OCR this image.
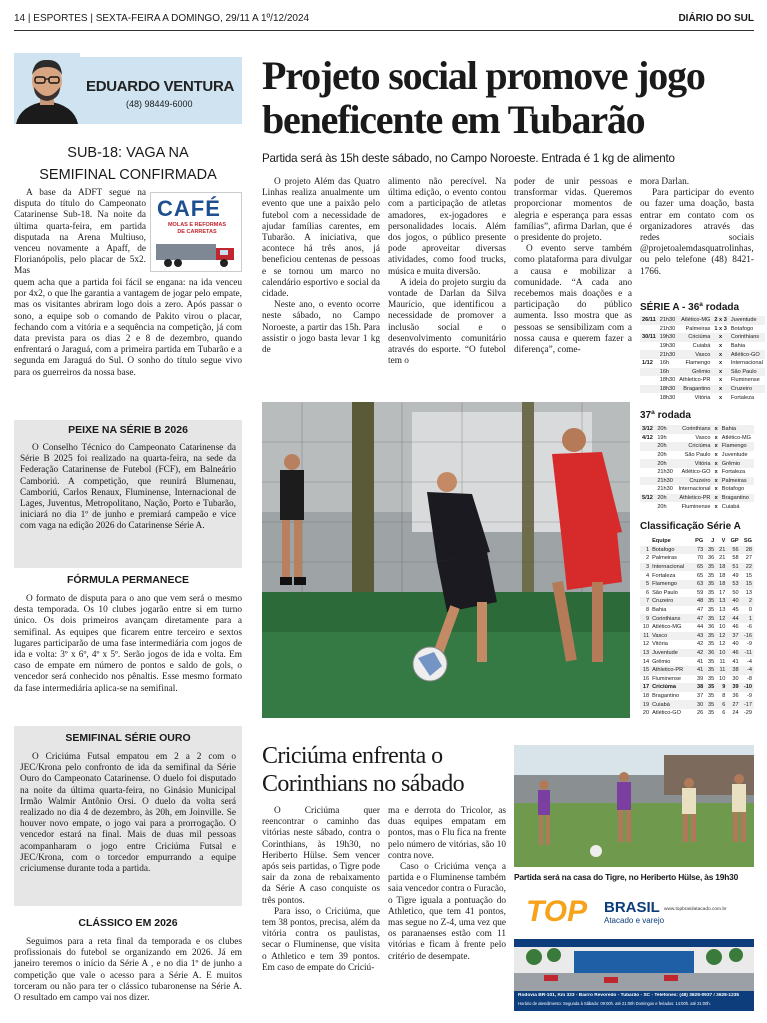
14 | ESPORTES | SEXTA-FEIRA A DOMINGO, 29/11 A 1º/12/2024	DIÁRIO DO SUL
EDUARDO VENTURA
(48) 98449-6000
SUB-18: VAGA NA
SEMIFINAL CONFIRMADA

A base da ADFT segue na disputa do título do Campeonato Catarinense Sub-18. Na noite da última quarta-feira, em partida disputada na Arena Multiuso, venceu novamente a Apaff, de Florianópolis, pelo placar de 5x2. Mas

CAFÉ
MOLAS E REFORMAS
DE CARRETAS

quem acha que a partida foi fácil se engana: na ida venceu por 4x2, o que lhe garantia a vantagem de jogar pelo empate, mas os visitantes abriram logo dois a zero. Após passar o sono, a equipe sob o comando de Pakito virou o placar, fechando com a vitória e a sequência na competição, já com data prevista para os dias 2 e 8 de dezembro, quando enfrentará o Jaraguá, com a primeira partida em Tubarão e a segunda em Jaraguá do Sul. O sonho do título segue vivo para os guerreiros da nossa base.

PEIXE NA SÉRIE B 2026

O Conselho Técnico do Campeonato Catarinense da Série B 2025 foi realizado na quarta-feira, na sede da Federação Catarinense de Futebol (FCF), em Balneário Camboriú. A competição, que reunirá Blumenau, Camboriú, Carlos Renaux, Fluminense, Internacional de Lages, Juventus, Metropolitano, Nação, Porto e Tubarão, iniciará no dia 1º de junho e premiará campeão e vice com vaga na edição 2026 do Catarinense Série A.

FÓRMULA PERMANECE

O formato de disputa para o ano que vem será o mesmo desta temporada. Os 10 clubes jogarão entre si em turno único. Os dois primeiros avançam diretamente para a semifinal. As equipes que ficarem entre terceiro e sextos lugares participarão de uma fase intermediária com jogos de ida e volta: 3º x 6º, 4º x 5º. Serão jogos de ida e volta. Em caso de empate em número de pontos e saldo de gols, o vencedor será conhecido nos pênaltis. Esse mesmo formato da fase intermediária aplica-se na semifinal.

SEMIFINAL SÉRIE OURO

O Criciúma Futsal empatou em 2 a 2 com o JEC/Krona pelo confronto de ida da semifinal da Série Ouro do Campeonato Catarinense. O duelo foi disputado na noite da última quarta-feira, no Ginásio Municipal Irmão Walmir Antônio Orsi. O duelo da volta será realizado no dia 4 de dezembro, às 20h, em Joinville. Se houver novo empate, o jogo vai para a prorrogação. O vencedor estará na final. Mais de duas mil pessoas acompanharam o jogo entre Criciúma Futsal e JEC/Krona, com o torcedor empurrando a equipe criciumense durante toda a partida.

CLÁSSICO EM 2026

Seguimos para a reta final da temporada e os clubes profissionais do futebol se organizando em 2026. Já em janeiro teremos o início da Série A , e no dia 1º de junho a competição que vale o acesso para a Série A. E muitos torceram ou não para ter o clássico tubaronense na Série A. O resultado em campo vai nos dizer.

Projeto social promove jogo
beneficente em Tubarão
Partida será às 15h deste sábado, no Campo Noroeste. Entrada é 1 kg de alimento

O projeto Além das Quatro Linhas realiza anualmente um evento que une a paixão pelo futebol com a necessidade de ajudar famílias carentes, em Tubarão. A iniciativa, que acontece há três anos, já beneficiou centenas de pessoas e se tornou um marco no calendário esportivo e social da cidade.

Neste ano, o evento ocorre neste sábado, no Campo Noroeste, a partir das 15h. Para assistir o jogo basta levar 1 kg de

alimento não perecível. Na última edição, o evento contou com a participação de atletas amadores, ex-jogadores e personalidades locais. Além dos jogos, o público presente pode aproveitar diversas atividades, como food trucks, música e muita diversão.

A ideia do projeto surgiu da vontade de Darlan da Silva Maurício, que identificou a necessidade de promover a inclusão social e o desenvolvimento comunitário através do esporte. “O futebol tem o

poder de unir pessoas e transformar vidas. Queremos proporcionar momentos de alegria e esperança para essas famílias”, afirma Darlan, que é o presidente do projeto.

O evento serve também como plataforma para divulgar a causa e mobilizar a comunidade. “A cada ano recebemos mais doações e a participação do público aumenta. Isso mostra que as pessoas se sensibilizam com a nossa causa e querem fazer a diferença”, come-

mora Darlan.

Para participar do evento ou fazer uma doação, basta entrar em contato com os organizadores através das redes sociais @projetoalemdasquatrolinhas, ou pelo telefone (48) 8421-1766.

SÉRIE A - 36ª rodada
26/11	21h30	Atlético-MG	2 x 3	Juventude
	21h30	Palmeiras	1 x 3	Botafogo
30/11	19h30	Criciúma	x	Corinthians
	19h30	Cuiabá	x	Bahia
	21h30	Vasco	x	Atlético-GO
1/12	16h	Flamengo	x	Internacional
	16h	Grêmio	x	São Paulo
	18h30	Athletico-PR	x	Fluminense
	18h30	Bragantino	x	Cruzeiro
	18h30	Vitória	x	Fortaleza
37ª rodada
3/12	20h	Corinthians	x	Bahia
4/12	19h	Vasco	x	Atlético-MG
	20h	Criciúma	x	Flamengo
	20h	São Paulo	x	Juventude
	20h	Vitória	x	Grêmio
	21h30	Atlético-GO	x	Fortaleza
	21h30	Cruzeiro	x	Palmeiras
	21h30	Internacional	x	Botafogo
5/12	20h	Athletico-PR	x	Bragantino
	20h	Fluminense	x	Cuiabá
Classificação Série A
	Equipe	PG	J	V	GP	SG
1	Botafogo	73	35	21	56	28
2	Palmeiras	70	36	21	58	27
3	Internacional	65	35	18	51	22
4	Fortaleza	65	35	18	49	15
5	Flamengo	63	35	18	53	15
6	São Paulo	59	35	17	50	13
7	Cruzeiro	48	35	13	40	2
8	Bahia	47	35	13	45	0
9	Corinthians	47	35	12	44	1
10	Atlético-MG	44	36	10	46	-6
11	Vasco	43	35	12	37	-16
12	Vitória	42	35	12	40	-9
13	Juventude	42	36	10	46	-11
14	Grêmio	41	35	11	41	-4
15	Athletico-PR	41	35	11	38	-4
16	Fluminense	39	35	10	30	-8
17	Criciúma	38	35	9	39	-10
18	Bragantino	37	35	8	36	-9
19	Cuiabá	30	35	6	27	-17
20	Atlético-GO	26	35	6	24	-29
Criciúma enfrenta o
Corinthians no sábado

O Criciúma quer reencontrar o caminho das vitórias neste sábado, contra o Corinthians, às 19h30, no Heriberto Hülse. Sem vencer após seis partidas, o Tigre pode sair da zona de rebaixamento da Série A caso conquiste os três pontos.

Para isso, o Criciúma, que tem 38 pontos, precisa, além da vitória contra os paulistas, secar o Fluminense, que visita o Athletico e tem 39 pontos. Em caso de empate do Criciú-

ma e derrota do Tricolor, as duas equipes empatam em pontos, mas o Flu fica na frente pelo número de vitórias, são 10 contra nove.

Caso o Criciúma vença a partida e o Fluminense também saia vencedor contra o Furacão, o Tigre iguala a pontuação do Athletico, que tem 41 pontos, mas segue no Z-4, uma vez que os paranaenses estão com 11 vitórias e ficam à frente pelo critério de desempate.

Partida será na casa do Tigre, no Heriberto Hülse, às 19h30
TOP BRASIL
Atacado e varejo
www.topbrasilatacado.com.br
Rodovia BR-101, Km 333 - Bairro Revoredo - Tubarão - SC - Telefones: (48) 3628-0937 / 3628-1235
Horário de atendimento: Segunda à Sábado: 09:00h. até 21:00h Domingos e feriados: 14:00h. até 21:00h.
